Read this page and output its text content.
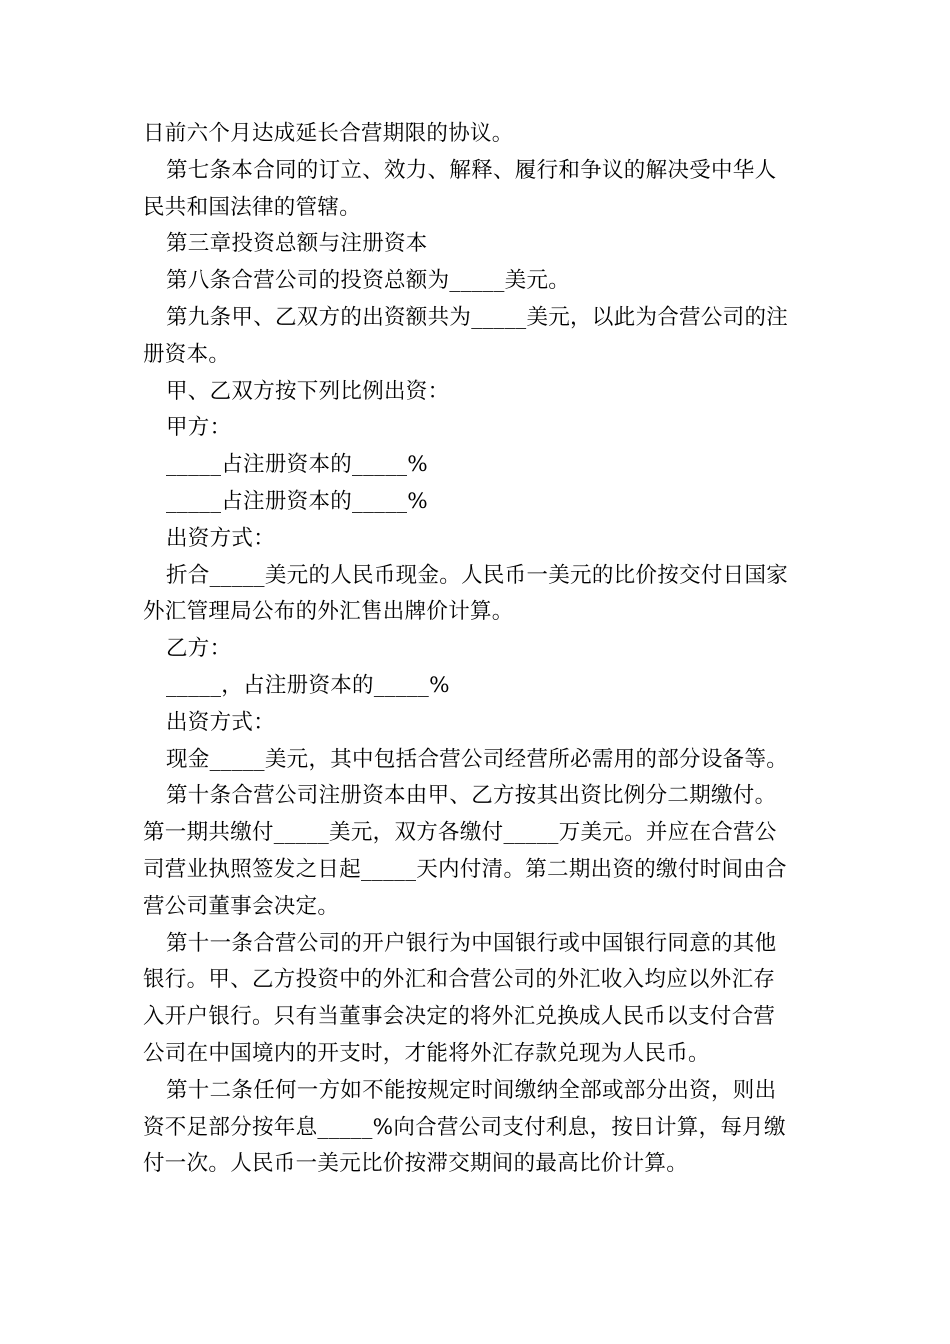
日前六个月达成延长合营期限的协议。
第七条本合同的订立、效力、解释、履行和争议的解决受中华人
民共和国法律的管辖。
第三章投资总额与注册资本
第八条合营公司的投资总额为_____美元。
第九条甲、乙双方的出资额共为_____美元，以此为合营公司的注
册资本。
甲、乙双方按下列比例出资：
甲方：
_____占注册资本的_____%
_____占注册资本的_____%
出资方式：
折合_____美元的人民币现金。人民币一美元的比价按交付日国家
外汇管理局公布的外汇售出牌价计算。
乙方：
_____，占注册资本的_____%
出资方式：
现金_____美元，其中包括合营公司经营所必需用的部分设备等。
第十条合营公司注册资本由甲、乙方按其出资比例分二期缴付。
第一期共缴付_____美元，双方各缴付_____万美元。并应在合营公
司营业执照签发之日起_____天内付清。第二期出资的缴付时间由合
营公司董事会决定。
第十一条合营公司的开户银行为中国银行或中国银行同意的其他
银行。甲、乙方投资中的外汇和合营公司的外汇收入均应以外汇存
入开户银行。只有当董事会决定的将外汇兑换成人民币以支付合营
公司在中国境内的开支时，才能将外汇存款兑现为人民币。
第十二条任何一方如不能按规定时间缴纳全部或部分出资，则出
资不足部分按年息_____%向合营公司支付利息，按日计算，每月缴
付一次。人民币一美元比价按滞交期间的最高比价计算。
